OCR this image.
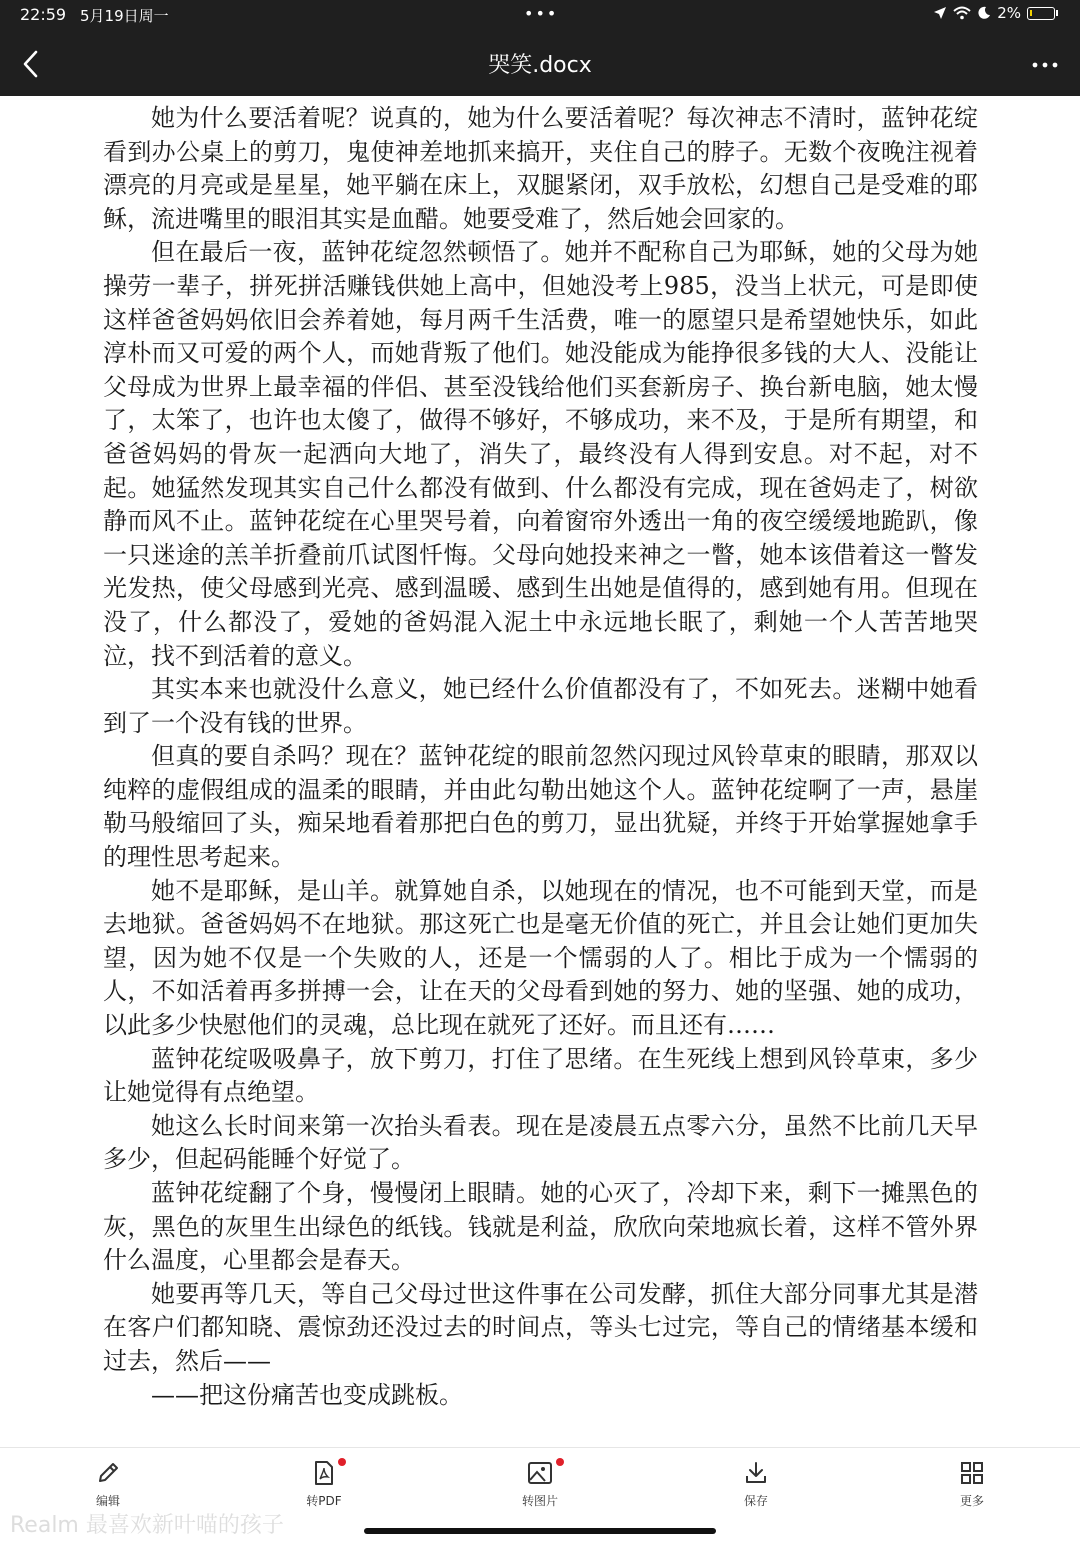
22:59 5月19日周一	•••	2%
哭笑.docx

她为什么要活着呢？说真的，她为什么要活着呢？每次神志不清时，蓝钟花绽看到办公桌上的剪刀，鬼使神差地抓来搞开，夹住自己的脖子。无数个夜晚注视着漂亮的月亮或是星星，她平躺在床上，双腿紧闭，双手放松，幻想自己是受难的耶稣，流进嘴里的眼泪其实是血醋。她要受难了，然后她会回家的。

但在最后一夜，蓝钟花绽忽然顿悟了。她并不配称自己为耶稣，她的父母为她操劳一辈子，拼死拼活赚钱供她上高中，但她没考上985，没当上状元，可是即使这样爸爸妈妈依旧会养着她，每月两千生活费，唯一的愿望只是希望她快乐，如此淳朴而又可爱的两个人，而她背叛了他们。她没能成为能挣很多钱的大人、没能让父母成为世界上最幸福的伴侣、甚至没钱给他们买套新房子、换台新电脑，她太慢了，太笨了，也许也太傻了，做得不够好，不够成功，来不及，于是所有期望，和爸爸妈妈的骨灰一起洒向大地了，消失了，最终没有人得到安息。对不起，对不起。她猛然发现其实自己什么都没有做到、什么都没有完成，现在爸妈走了，树欲静而风不止。蓝钟花绽在心里哭号着，向着窗帘外透出一角的夜空缓缓地跪趴，像一只迷途的羔羊折叠前爪试图忏悔。父母向她投来神之一瞥，她本该借着这一瞥发光发热，使父母感到光亮、感到温暖、感到生出她是值得的，感到她有用。但现在没了，什么都没了，爱她的爸妈混入泥土中永远地长眠了，剩她一个人苦苦地哭泣，找不到活着的意义。

其实本来也就没什么意义，她已经什么价值都没有了，不如死去。迷糊中她看到了一个没有钱的世界。

但真的要自杀吗？现在？蓝钟花绽的眼前忽然闪现过风铃草束的眼睛，那双以纯粹的虚假组成的温柔的眼睛，并由此勾勒出她这个人。蓝钟花绽啊了一声，悬崖勒马般缩回了头，痴呆地看着那把白色的剪刀，显出犹疑，并终于开始掌握她拿手的理性思考起来。

她不是耶稣，是山羊。就算她自杀，以她现在的情况，也不可能到天堂，而是去地狱。爸爸妈妈不在地狱。那这死亡也是毫无价值的死亡，并且会让她们更加失望，因为她不仅是一个失败的人，还是一个懦弱的人了。相比于成为一个懦弱的人，不如活着再多拼搏一会，让在天的父母看到她的努力、她的坚强、她的成功，以此多少快慰他们的灵魂，总比现在就死了还好。而且还有……

蓝钟花绽吸吸鼻子，放下剪刀，打住了思绪。在生死线上想到风铃草束，多少让她觉得有点绝望。

她这么长时间来第一次抬头看表。现在是凌晨五点零六分，虽然不比前几天早多少，但起码能睡个好觉了。

蓝钟花绽翻了个身，慢慢闭上眼睛。她的心灭了，冷却下来，剩下一摊黑色的灰，黑色的灰里生出绿色的纸钱。钱就是利益，欣欣向荣地疯长着，这样不管外界什么温度，心里都会是春天。

她要再等几天，等自己父母过世这件事在公司发酵，抓住大部分同事尤其是潜在客户们都知晓、震惊劲还没过去的时间点，等头七过完，等自己的情绪基本缓和过去，然后——

——把这份痛苦也变成跳板。

编辑	转PDF	转图片	保存	更多
Realm 最喜欢新叶喵的孩子
